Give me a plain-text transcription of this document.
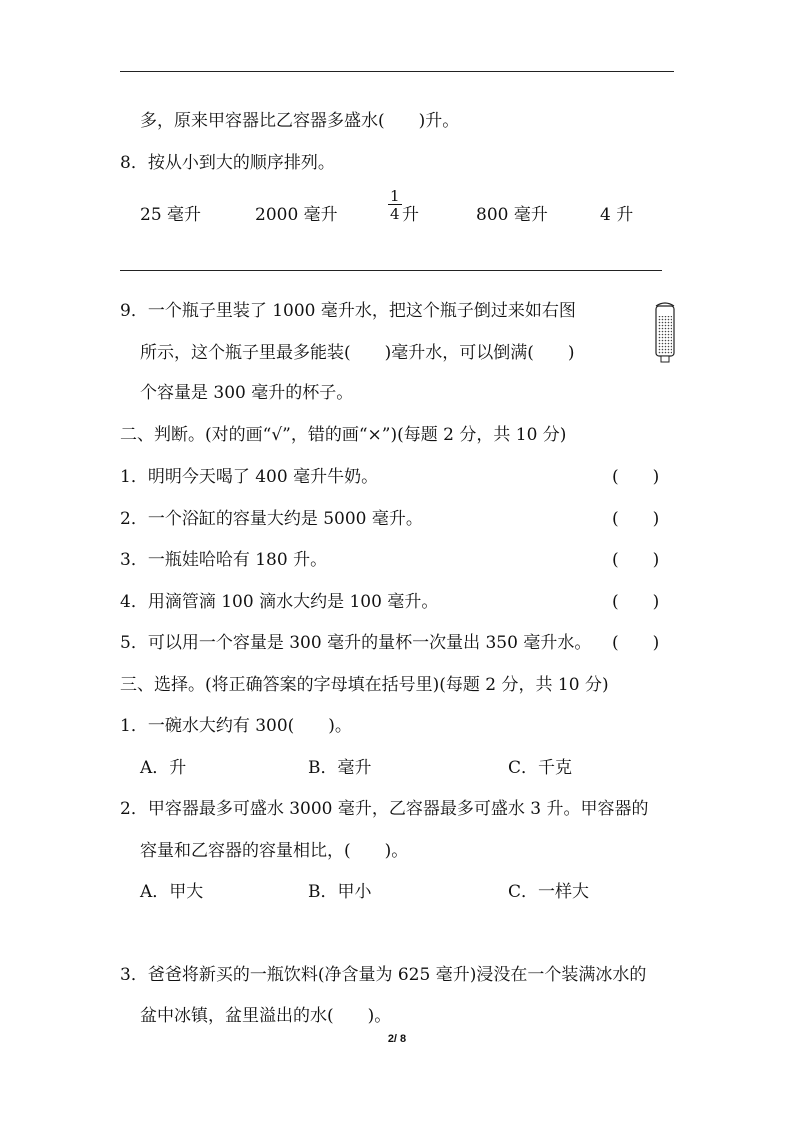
多，原来甲容器比乙容器多盛水(　　)升。
8．按从小到大的顺序排列。
25 毫升	2000 毫升	$\frac{1}{4}$ 升	800 毫升	4 升
9．一个瓶子里装了 1000 毫升水，把这个瓶子倒过来如右图
所示，这个瓶子里最多能装(　　)毫升水，可以倒满(　　)
个容量是 300 毫升的杯子。
二、判断。(对的画“√”，错的画“×”)(每题 2 分，共 10 分)
1．明明今天喝了 400 毫升牛奶。	(　　)
2．一个浴缸的容量大约是 5000 毫升。	(　　)
3．一瓶娃哈哈有 180 升。	(　　)
4．用滴管滴 100 滴水大约是 100 毫升。	(　　)
5．可以用一个容量是 300 毫升的量杯一次量出 350 毫升水。 (　　)
三、选择。(将正确答案的字母填在括号里)(每题 2 分，共 10 分)
1．一碗水大约有 300(　　)。
A．升	B．毫升	C．千克
2．甲容器最多可盛水 3000 毫升，乙容器最多可盛水 3 升。甲容器的
容量和乙容器的容量相比，(　　)。
A．甲大	B．甲小	C．一样大
3．爸爸将新买的一瓶饮料(净含量为 625 毫升)浸没在一个装满冰水的
盆中冰镇，盆里溢出的水(　　)。
2/ 8
